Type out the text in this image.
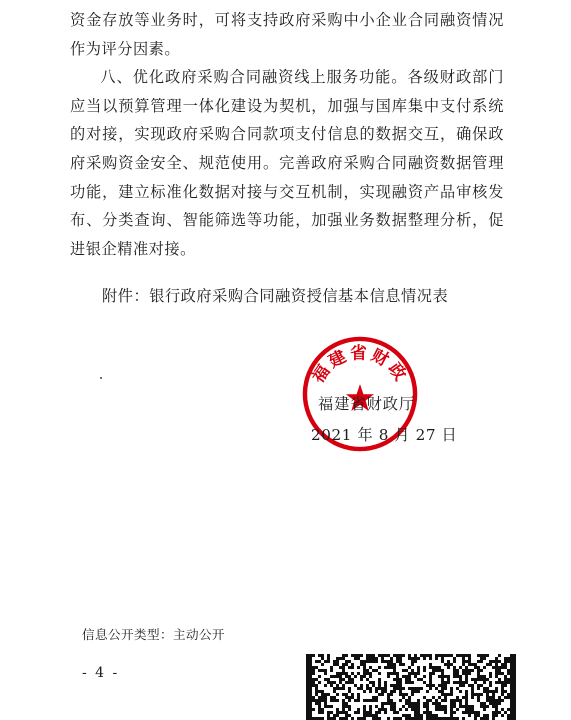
资金存放等业务时，可将支持政府采购中小企业合同融资情况作为评分因素。

八、优化政府采购合同融资线上服务功能。各级财政部门应当以预算管理一体化建设为契机，加强与国库集中支付系统的对接，实现政府采购合同款项支付信息的数据交互，确保政府采购资金安全、规范使用。完善政府采购合同融资数据管理功能，建立标准化数据对接与交互机制，实现融资产品审核发布、分类查询、智能筛选等功能，加强业务数据整理分析，促进银企精准对接。

附件：银行政府采购合同融资授信基本信息情况表
福建省财政
福建省财政厅
2021 年 8 月 27 日
信息公开类型：主动公开
- 4 -
